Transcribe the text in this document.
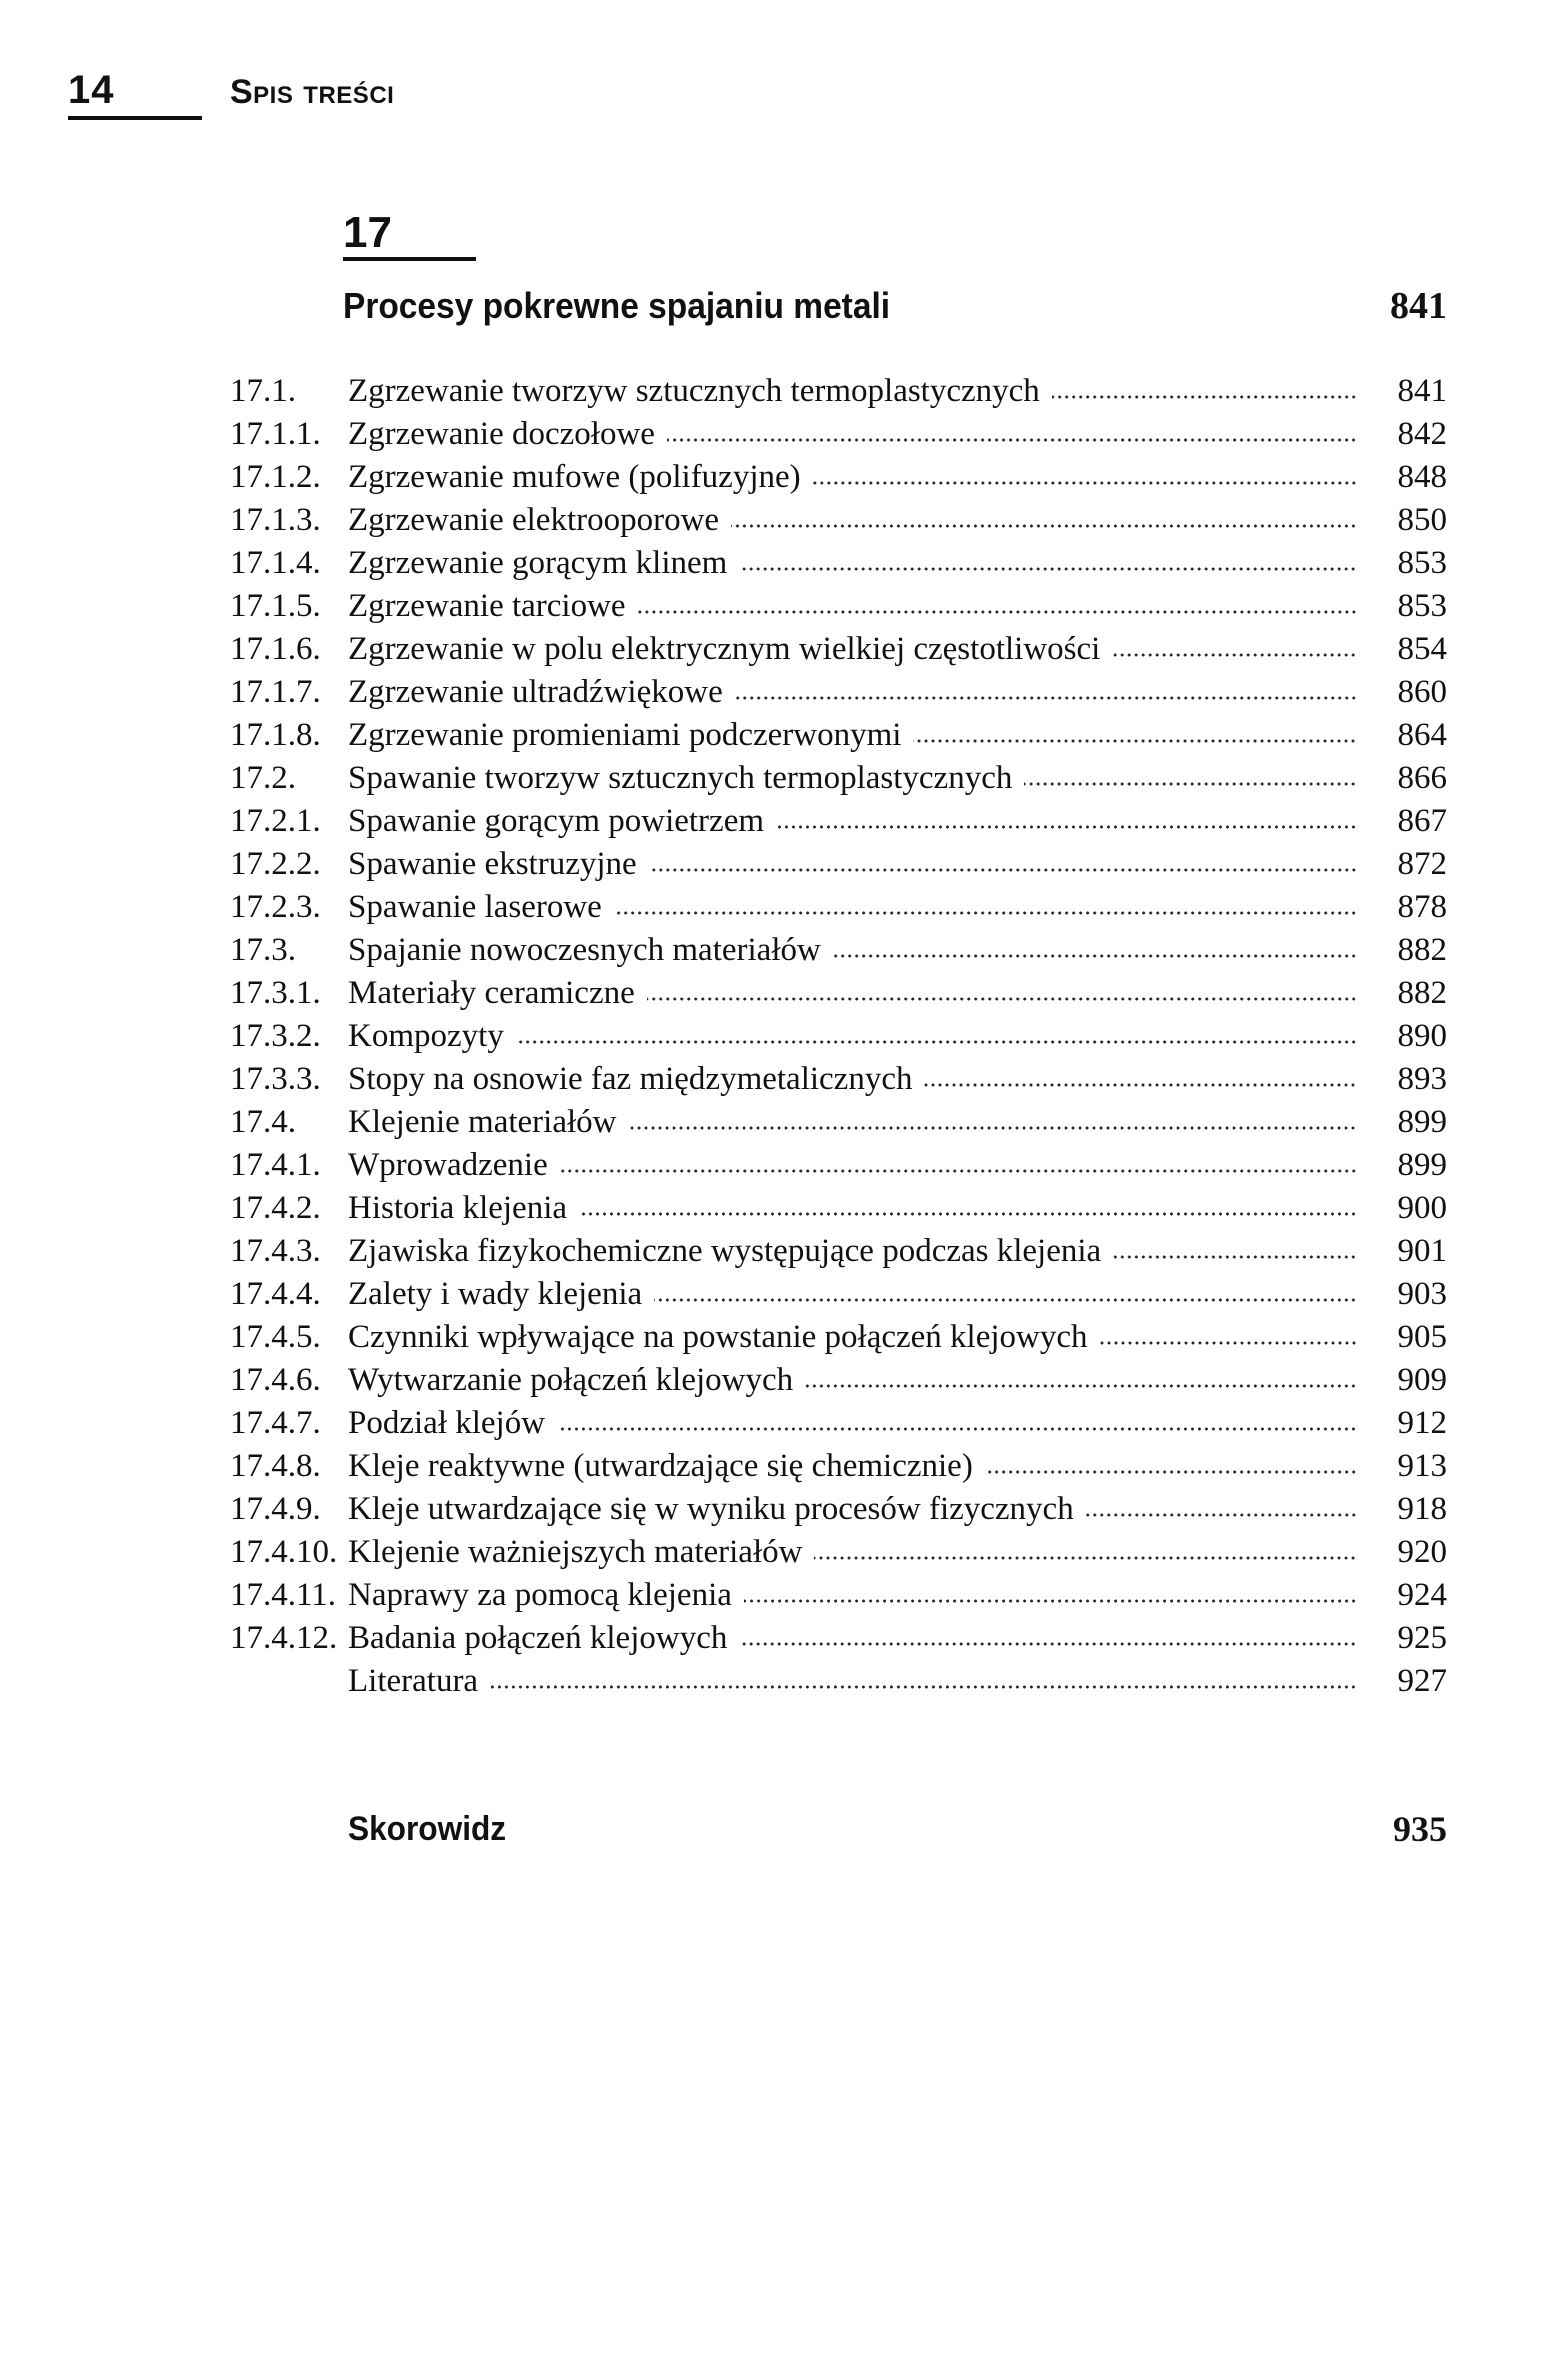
14	Spis treści
17
Procesy pokrewne spajaniu metali	841
17.1. Zgrzewanie tworzyw sztucznych termoplastycznych	841
17.1.1. Zgrzewanie doczołowe	842
17.1.2. Zgrzewanie mufowe (polifuzyjne)	848
17.1.3. Zgrzewanie elektrooporowe	850
17.1.4. Zgrzewanie gorącym klinem	853
17.1.5. Zgrzewanie tarciowe	853
17.1.6. Zgrzewanie w polu elektrycznym wielkiej częstotliwości	854
17.1.7. Zgrzewanie ultradźwiękowe	860
17.1.8. Zgrzewanie promieniami podczerwonymi	864
17.2. Spawanie tworzyw sztucznych termoplastycznych	866
17.2.1. Spawanie gorącym powietrzem	867
17.2.2. Spawanie ekstruzyjne	872
17.2.3. Spawanie laserowe	878
17.3. Spajanie nowoczesnych materiałów	882
17.3.1. Materiały ceramiczne	882
17.3.2. Kompozyty	890
17.3.3. Stopy na osnowie faz międzymetalicznych	893
17.4. Klejenie materiałów	899
17.4.1. Wprowadzenie	899
17.4.2. Historia klejenia	900
17.4.3. Zjawiska fizykochemiczne występujące podczas klejenia	901
17.4.4. Zalety i wady klejenia	903
17.4.5. Czynniki wpływające na powstanie połączeń klejowych	905
17.4.6. Wytwarzanie połączeń klejowych	909
17.4.7. Podział klejów	912
17.4.8. Kleje reaktywne (utwardzające się chemicznie)	913
17.4.9. Kleje utwardzające się w wyniku procesów fizycznych	918
17.4.10. Klejenie ważniejszych materiałów	920
17.4.11. Naprawy za pomocą klejenia	924
17.4.12. Badania połączeń klejowych	925
Literatura	927
Skorowidz	935
